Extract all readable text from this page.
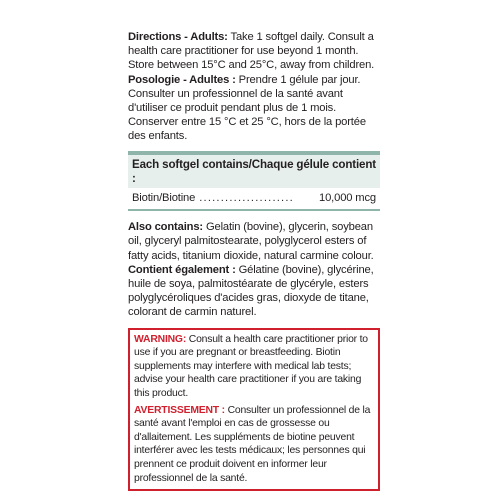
Directions - Adults: Take 1 softgel daily. Consult a health care practitioner for use beyond 1 month. Store between 15°C and 25°C, away from children.

Posologie - Adultes : Prendre 1 gélule par jour. Consulter un professionnel de la santé avant d'utiliser ce produit pendant plus de 1 mois. Conserver entre 15 °C et 25 °C, hors de la portée des enfants.

Each softgel contains/Chaque gélule contient :

Biotin/Biotine ......................	10,000 mcg

Also contains: Gelatin (bovine), glycerin, soybean oil, glyceryl palmitostearate, polyglycerol esters of fatty acids, titanium dioxide, natural carmine colour.

Contient également : Gélatine (bovine), glycérine, huile de soya, palmitostéarate de glycéryle, esters polyglycéroliques d'acides gras, dioxyde de titane, colorant de carmin naturel.

WARNING: Consult a health care practitioner prior to use if you are pregnant or breastfeeding. Biotin supplements may interfere with medical lab tests; advise your health care practitioner if you are taking this product.

AVERTISSEMENT : Consulter un professionnel de la santé avant l'emploi en cas de grossesse ou d'allaitement. Les suppléments de biotine peuvent interférer avec les tests médicaux; les personnes qui prennent ce produit doivent en informer leur professionnel de la santé.
